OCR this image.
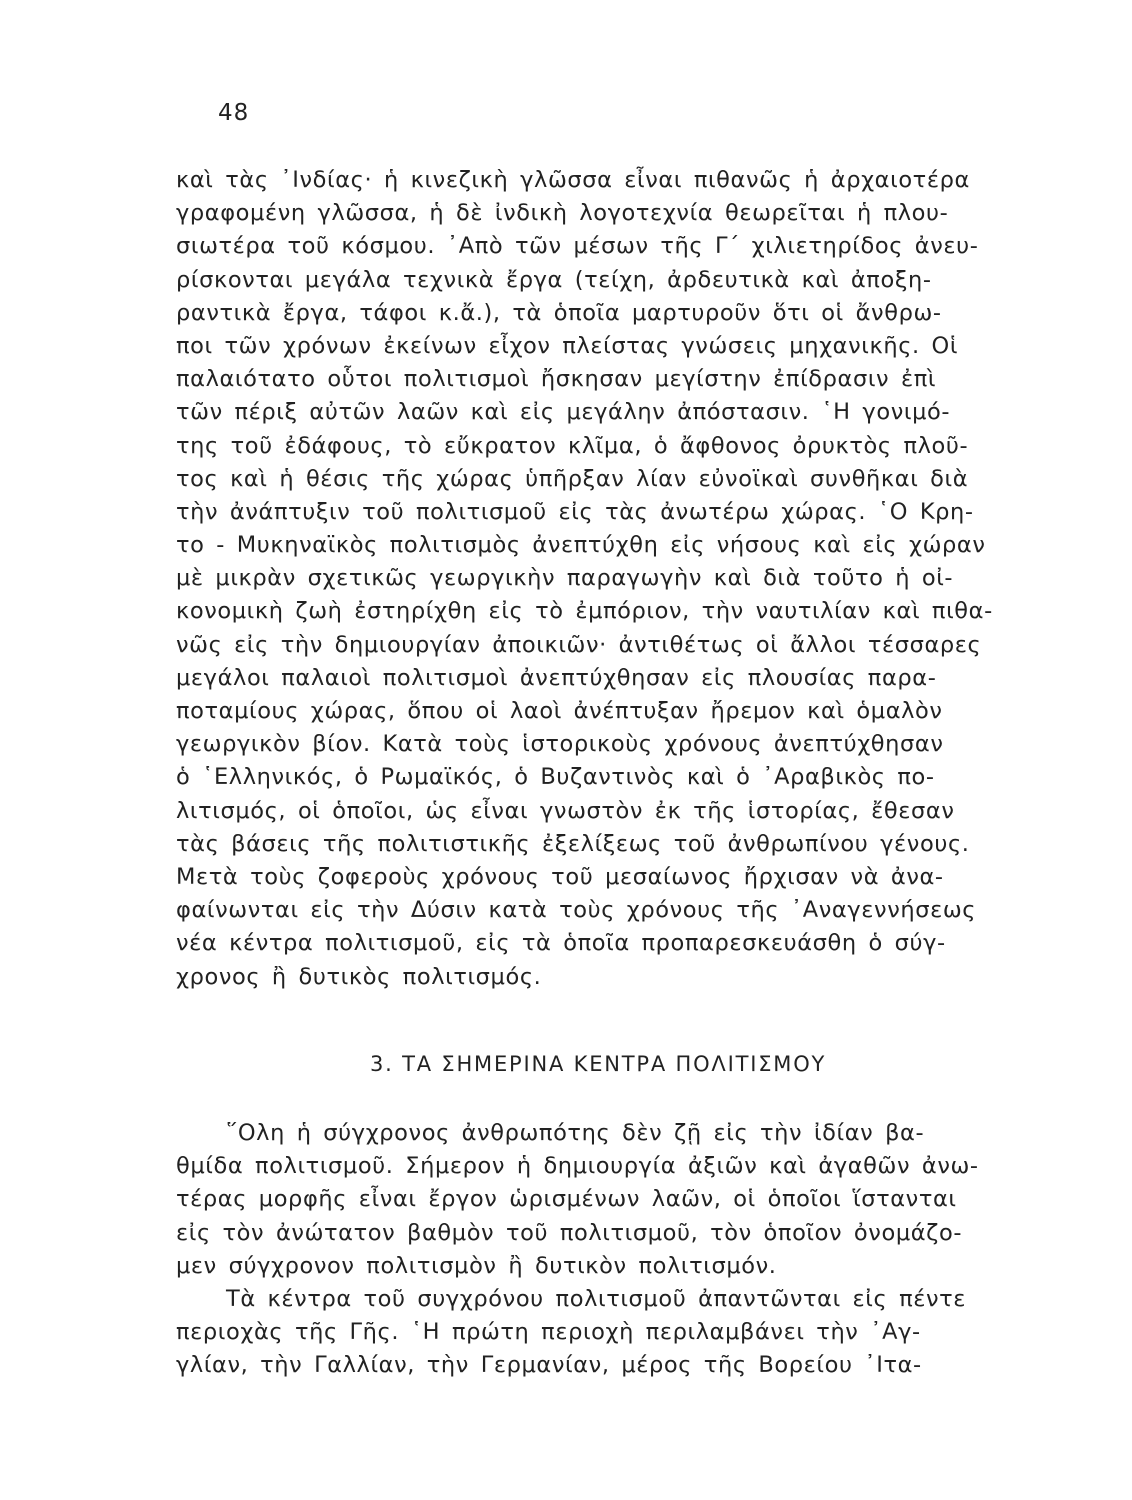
48
καὶ τὰς ᾿Ινδίας· ἡ κινεζικὴ γλῶσσα εἶναι πιθανῶς ἡ ἀρχαιοτέρα
γραφομένη γλῶσσα, ἡ δὲ ἰνδικὴ λογοτεχνία θεωρεῖται ἡ πλου-
σιωτέρα τοῦ κόσμου. ᾿Απὸ τῶν μέσων τῆς Γ΄ χιλιετηρίδος ἀνευ-
ρίσκονται μεγάλα τεχνικὰ ἔργα (τείχη, ἀρδευτικὰ καὶ ἀποξη-
ραντικὰ ἔργα, τάφοι κ.ἄ.), τὰ ὁποῖα μαρτυροῦν ὅτι οἱ ἄνθρω-
ποι τῶν χρόνων ἐκείνων εἶχον πλείστας γνώσεις μηχανικῆς. Οἱ
παλαιότατο οὗτοι πολιτισμοὶ ἤσκησαν μεγίστην ἐπίδρασιν ἐπὶ
τῶν πέριξ αὐτῶν λαῶν καὶ εἰς μεγάλην ἀπόστασιν. ῾Η γονιμό-
της τοῦ ἐδάφους, τὸ εὔκρατον κλῖμα, ὁ ἄφθονος ὀρυκτὸς πλοῦ-
τος καὶ ἡ θέσις τῆς χώρας ὑπῆρξαν λίαν εὐνοϊκαὶ συνθῆκαι διὰ
τὴν ἀνάπτυξιν τοῦ πολιτισμοῦ εἰς τὰς ἀνωτέρω χώρας. ῾Ο Κρη-
το - Μυκηναϊκὸς πολιτισμὸς ἀνεπτύχθη εἰς νήσους καὶ εἰς χώραν
μὲ μικρὰν σχετικῶς γεωργικὴν παραγωγὴν καὶ διὰ τοῦτο ἡ οἰ-
κονομικὴ ζωὴ ἐστηρίχθη εἰς τὸ ἐμπόριον, τὴν ναυτιλίαν καὶ πιθα-
νῶς εἰς τὴν δημιουργίαν ἀποικιῶν· ἀντιθέτως οἱ ἄλλοι τέσσαρες
μεγάλοι παλαιοὶ πολιτισμοὶ ἀνεπτύχθησαν εἰς πλουσίας παρα-
ποταμίους χώρας, ὅπου οἱ λαοὶ ἀνέπτυξαν ἤρεμον καὶ ὁμαλὸν
γεωργικὸν βίον. Κατὰ τοὺς ἱστορικοὺς χρόνους ἀνεπτύχθησαν
ὁ ῾Ελληνικός, ὁ Ρωμαϊκός, ὁ Βυζαντινὸς καὶ ὁ ᾿Αραβικὸς πο-
λιτισμός, οἱ ὁποῖοι, ὡς εἶναι γνωστὸν ἐκ τῆς ἱστορίας, ἔθεσαν
τὰς βάσεις τῆς πολιτιστικῆς ἐξελίξεως τοῦ ἀνθρωπίνου γένους.
Μετὰ τοὺς ζοφεροὺς χρόνους τοῦ μεσαίωνος ἤρχισαν νὰ ἀνα-
φαίνωνται εἰς τὴν Δύσιν κατὰ τοὺς χρόνους τῆς ᾿Αναγεννήσεως
νέα κέντρα πολιτισμοῦ, εἰς τὰ ὁποῖα προπαρεσκευάσθη ὁ σύγ-
χρονος ἢ δυτικὸς πολιτισμός.
3. ΤΑ ΣΗΜΕΡΙΝΑ ΚΕΝΤΡΑ ΠΟΛΙΤΙΣΜΟΥ
῞Ολη ἡ σύγχρονος ἀνθρωπότης δὲν ζῇ εἰς τὴν ἰδίαν βα-
θμίδα πολιτισμοῦ. Σήμερον ἡ δημιουργία ἀξιῶν καὶ ἀγαθῶν ἀνω-
τέρας μορφῆς εἶναι ἔργον ὡρισμένων λαῶν, οἱ ὁποῖοι ἵστανται
εἰς τὸν ἀνώτατον βαθμὸν τοῦ πολιτισμοῦ, τὸν ὁποῖον ὀνομάζο-
μεν σύγχρονον πολιτισμὸν ἢ δυτικὸν πολιτισμόν.
Τὰ κέντρα τοῦ συγχρόνου πολιτισμοῦ ἀπαντῶνται εἰς πέντε
περιοχὰς τῆς Γῆς. ῾Η πρώτη περιοχὴ περιλαμβάνει τὴν ᾿Αγ-
γλίαν, τὴν Γαλλίαν, τὴν Γερμανίαν, μέρος τῆς Βορείου ᾿Ιτα-
